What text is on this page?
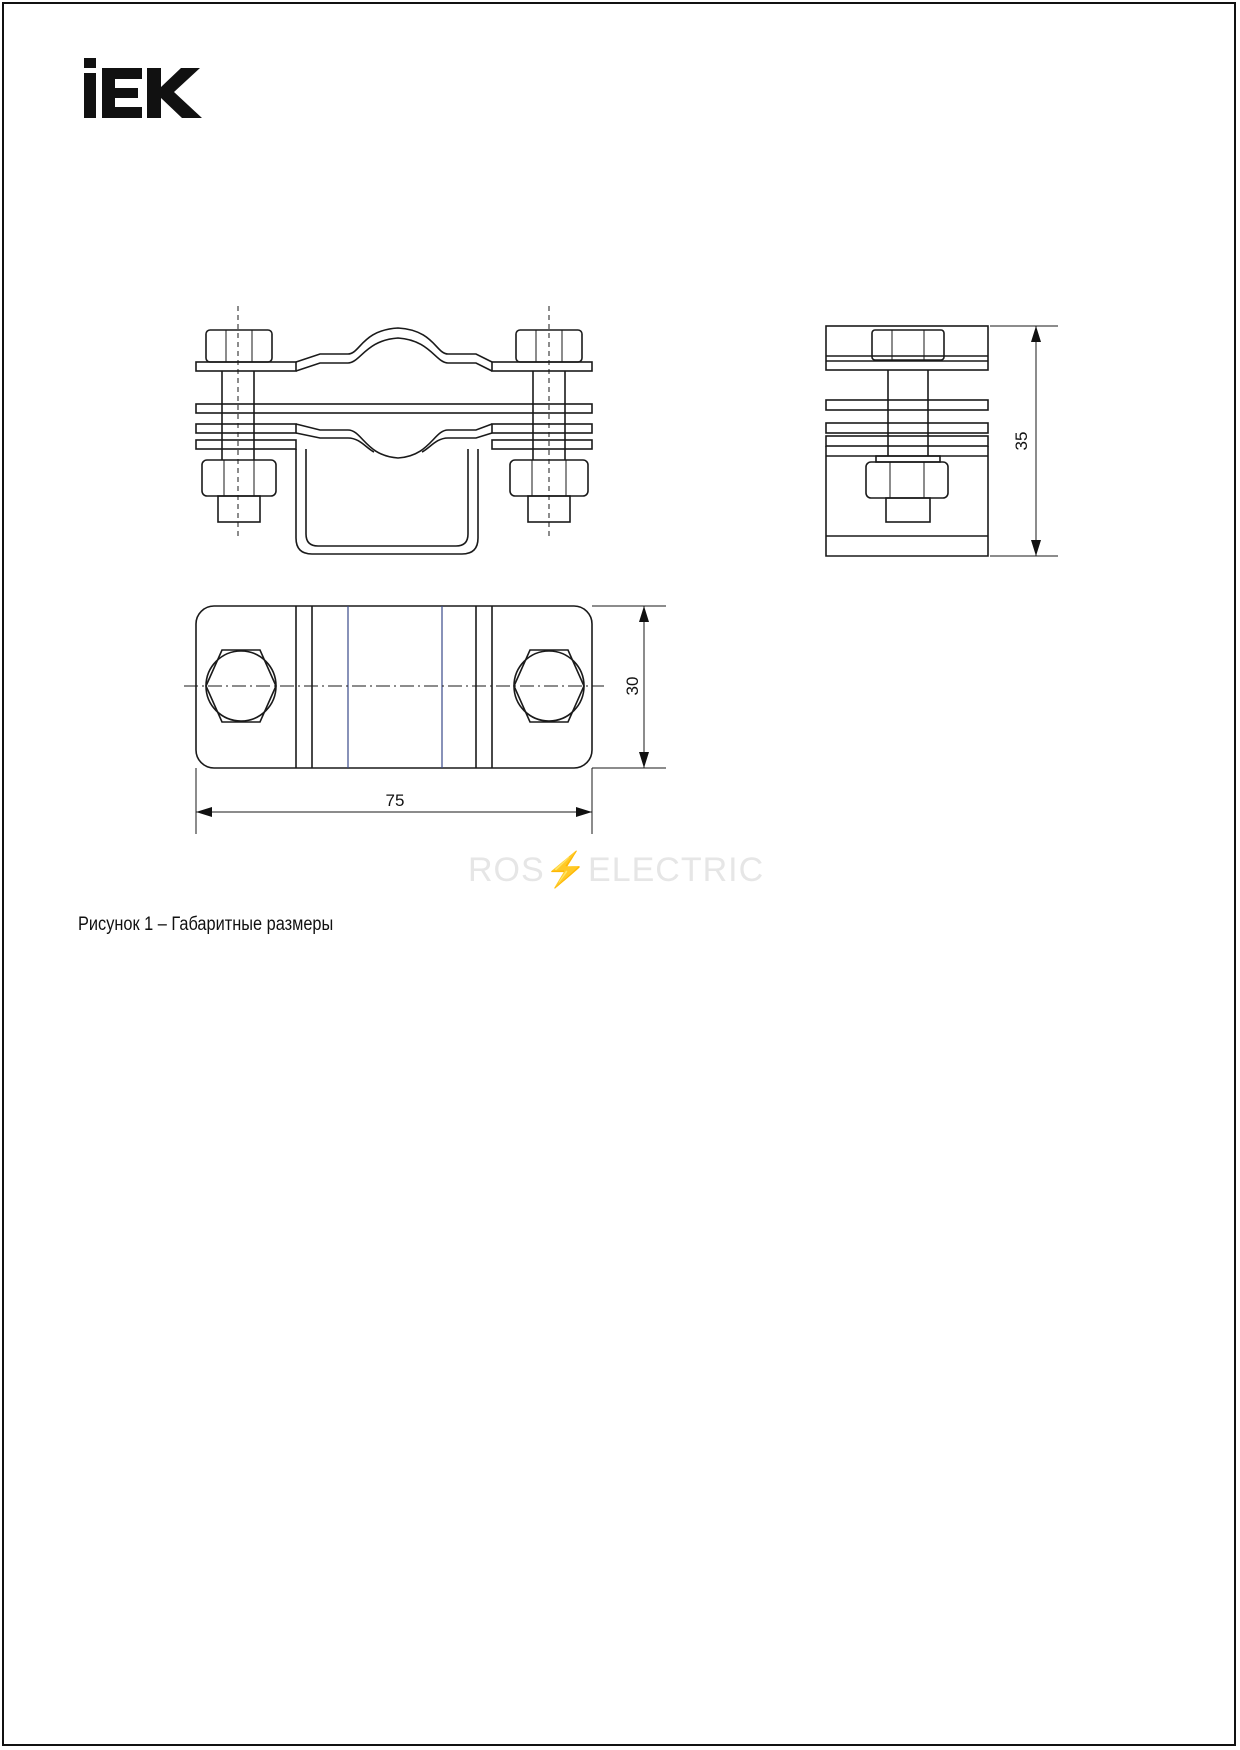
35
30
75
ROS⚡ELECTRIC
Рисунок 1 – Габаритные размеры
